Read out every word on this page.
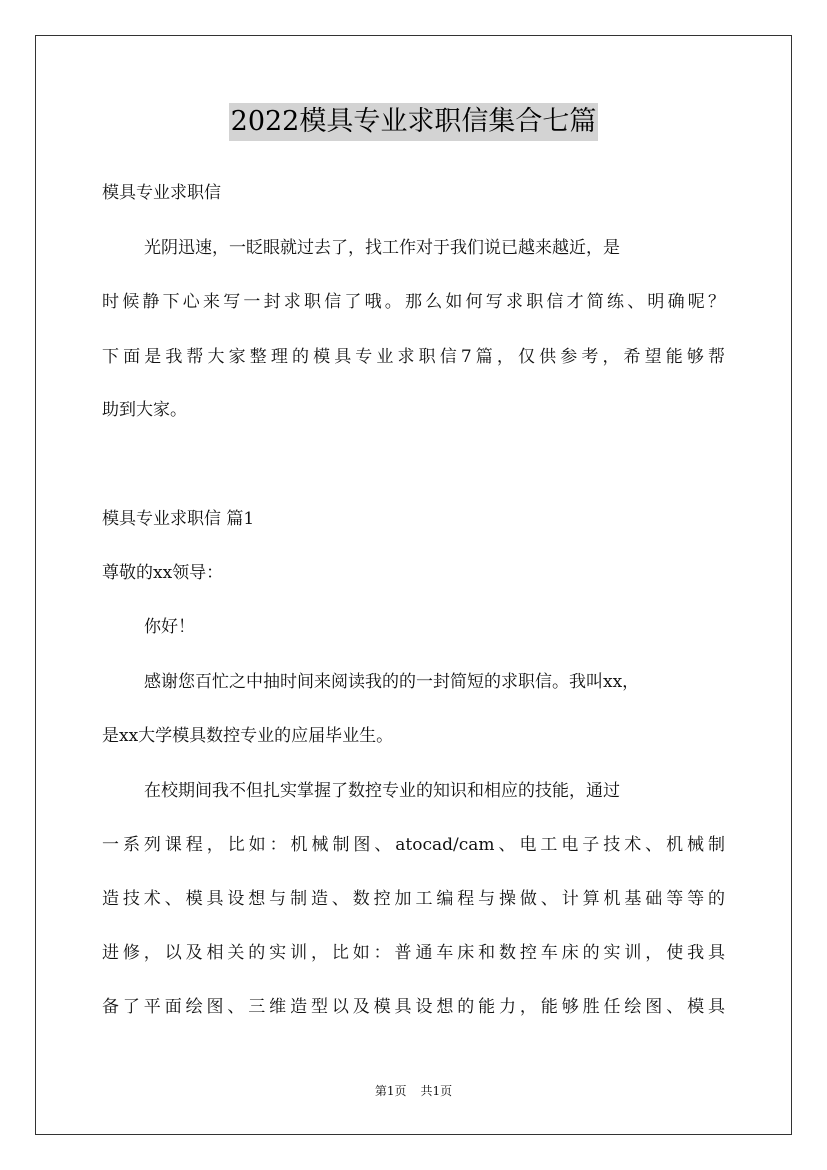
2022模具专业求职信集合七篇
模具专业求职信
光阴迅速，一眨眼就过去了，找工作对于我们说已越来越近，是
时候静下心来写一封求职信了哦。那么如何写求职信才简练、明确呢？
下面是我帮大家整理的模具专业求职信7篇，仅供参考，希望能够帮
助到大家。
模具专业求职信 篇1
尊敬的xx领导：
你好！
感谢您百忙之中抽时间来阅读我的的一封简短的求职信。我叫xx，
是xx大学模具数控专业的应届毕业生。
在校期间我不但扎实掌握了数控专业的知识和相应的技能，通过
一系列课程，比如：机械制图、atocad/cam、电工电子技术、机械制
造技术、模具设想与制造、数控加工编程与操做、计算机基础等等的
进修，以及相关的实训，比如：普通车床和数控车床的实训，使我具
备了平面绘图、三维造型以及模具设想的能力，能够胜任绘图、模具
第1页 共1页
